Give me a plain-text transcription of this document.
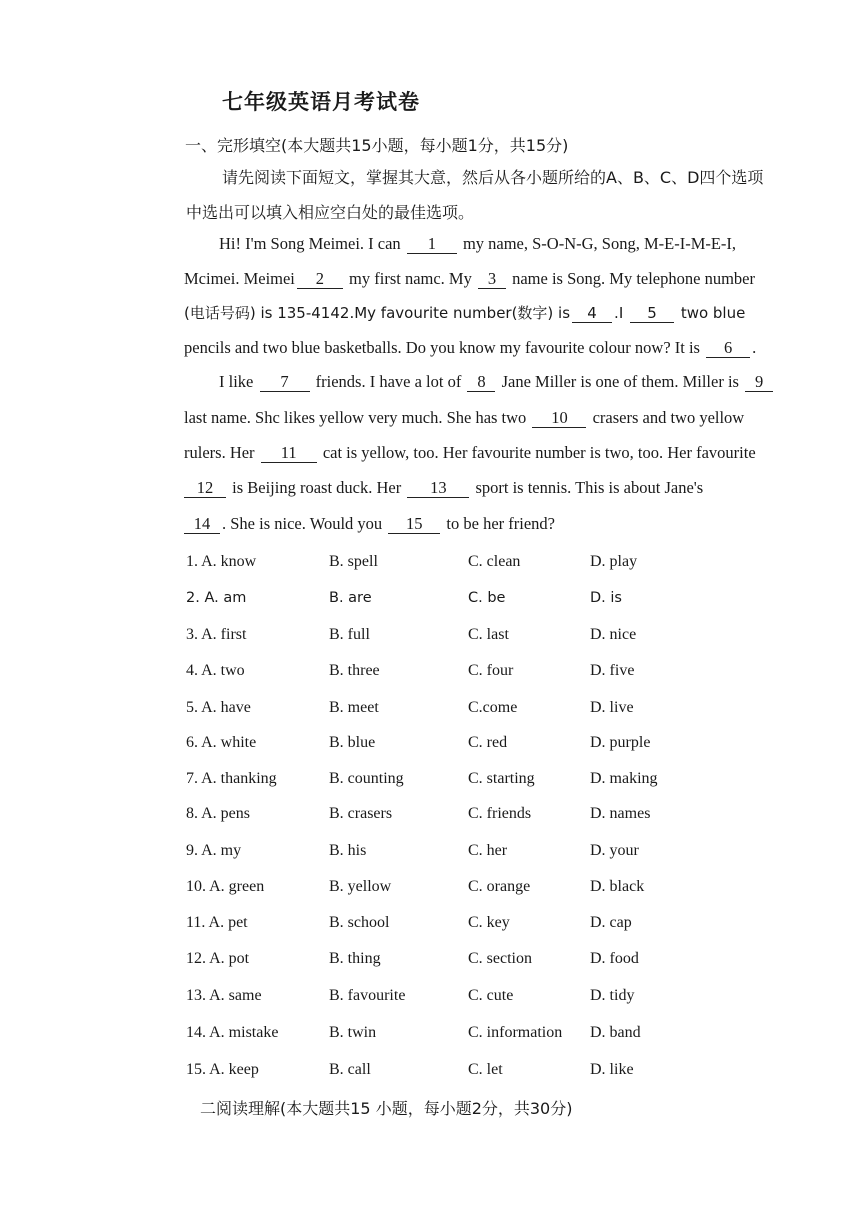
七年级英语月考试卷
一、完形填空(本大题共15小题，每小题1分，共15分)
请先阅读下面短文，掌握其大意，然后从各小题所给的A、B、C、D四个选项
中选出可以填入相应空白处的最佳选项。
Hi! I'm Song Meimei. I can 1 my name, S-O-N-G, Song, M-E-I-M-E-I,
Mcimei. Meimei 2 my first namc. My 3 name is Song. My telephone number
(电话号码) is 135-4142.My favourite number(数字) is 4 .I 5 two blue
pencils and two blue basketballs. Do you know my favourite colour now? It is 6 .
I like 7 friends. I have a lot of 8 Jane Miller is one of them. Miller is 9
last name. Shc likes yellow very much. She has two 10 crasers and two yellow
rulers. Her 11 cat is yellow, too. Her favourite number is two, too. Her favourite
12 is Beijing roast duck. Her 13 sport is tennis. This is about Jane's
14 . She is nice. Would you 15 to be her friend?
1. A. know	B. spell	C. clean	D. play
2. A. am	B. are	C. be	D. is
3. A. first	B. full	C. last	D. nice
4. A. two	B. three	C. four	D. five
5. A. have	B. meet	C.come	D. live
6. A. white	B. blue	C. red	D. purple
7. A. thanking	B. counting	C. starting	D. making
8. A. pens	B. crasers	C. friends	D. names
9. A. my	B. his	C. her	D. your
10. A. green	B. yellow	C. orange	D. black
11. A. pet	B. school	C. key	D. cap
12. A. pot	B. thing	C. section	D. food
13. A. same	B. favourite	C. cute	D. tidy
14. A. mistake	B. twin	C. information D. band
15. A. keep	B. call	C. let	D. like
二阅读理解(本大题共15 小题，每小题2分，共30分)
